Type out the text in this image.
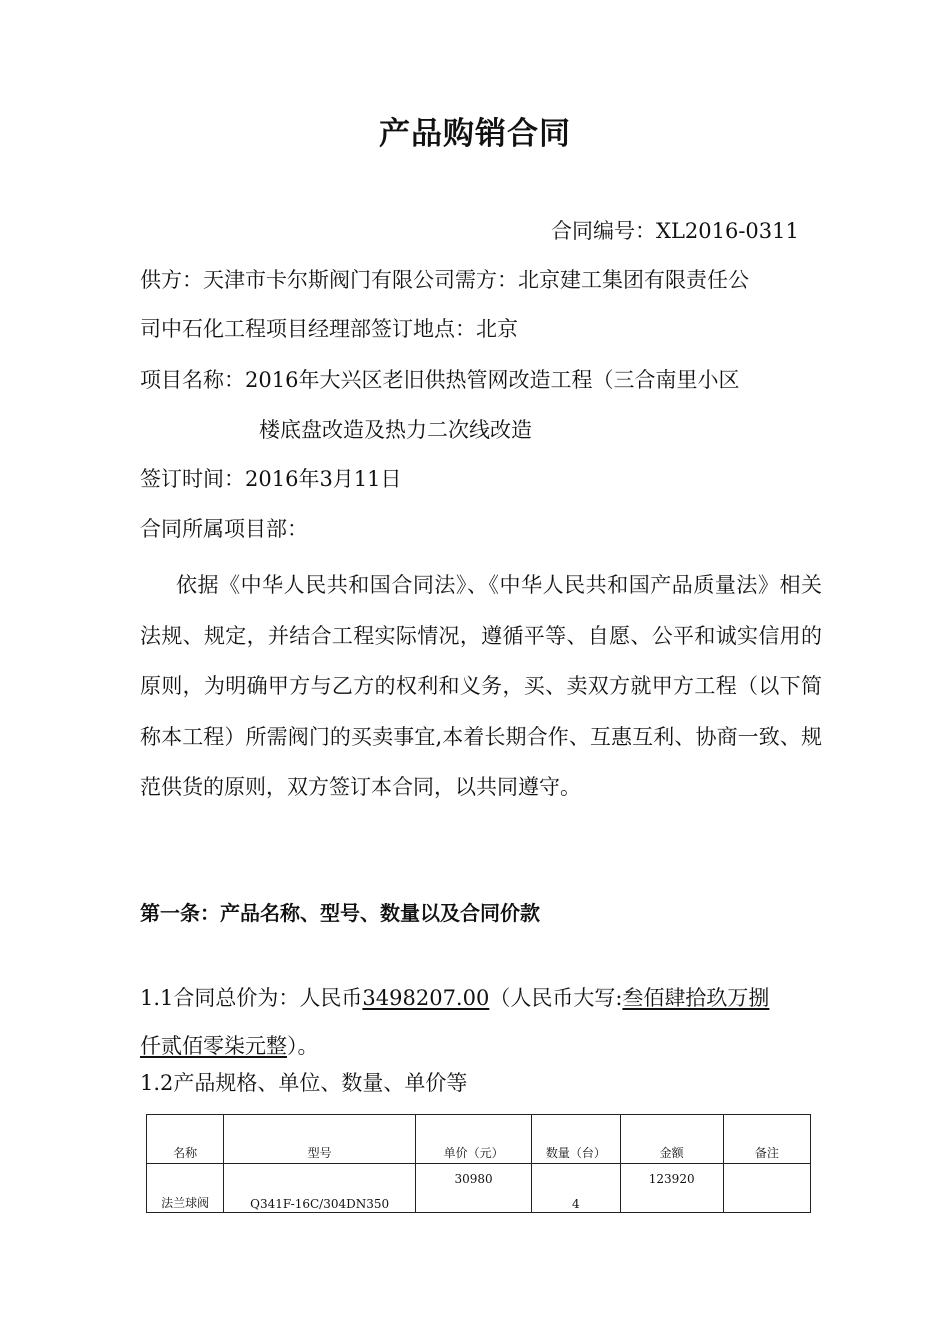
产品购销合同
合同编号：XL2016-0311
供方：天津市卡尔斯阀门有限公司需方：北京建工集团有限责任公
司中石化工程项目经理部签订地点：北京
项目名称：2016年大兴区老旧供热管网改造工程（三合南里小区
楼底盘改造及热力二次线改造
签订时间：2016年3月11日
合同所属项目部：
依据《中华人民共和国合同法》、《中华人民共和国产品质量法》相关法规、规定，并结合工程实际情况，遵循平等、自愿、公平和诚实信用的原则，为明确甲方与乙方的权利和义务，买、卖双方就甲方工程（以下简称本工程）所需阀门的买卖事宜,本着长期合作、互惠互利、协商一致、规范供货的原则，双方签订本合同，以共同遵守。
第一条：产品名称、型号、数量以及合同价款
1.1合同总价为：人民币3498207.00（人民币大写:叁佰肆拾玖万捌
仟贰佰零柒元整）。
1.2产品规格、单位、数量、单价等
名称	型号	单价（元）	数量（台）	金额	备注
法兰球阀	Q341F-16C/304DN350	30980	4	123920	
